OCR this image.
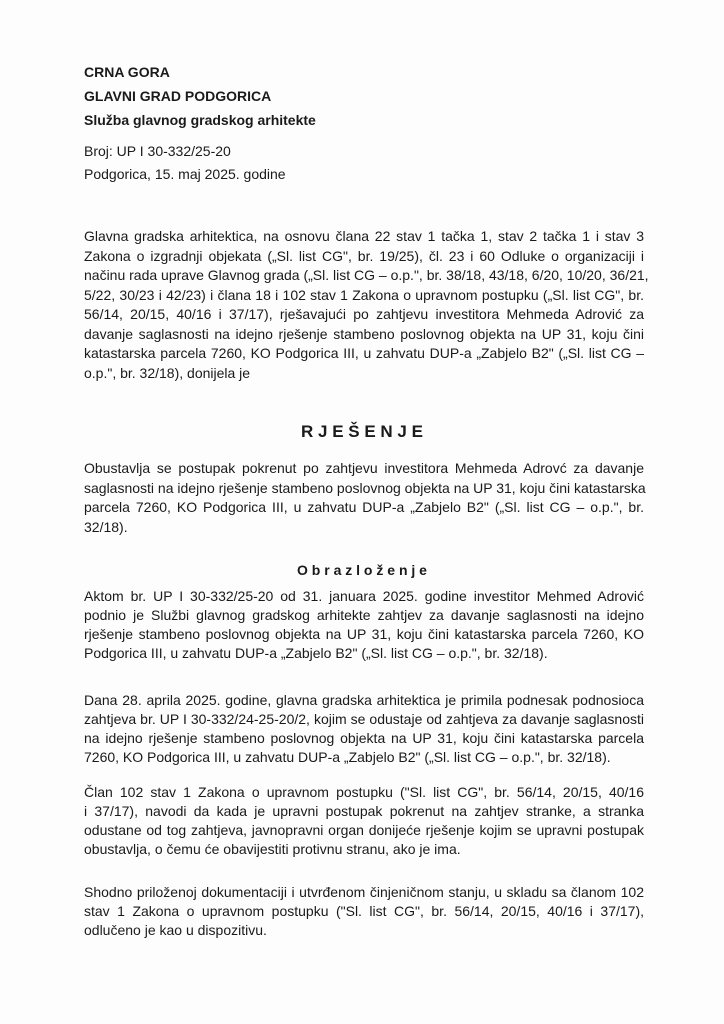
CRNA GORA
GLAVNI GRAD PODGORICA
Služba glavnog gradskog arhitekte
Broj: UP I 30-332/25-20
Podgorica, 15. maj 2025. godine
Glavna gradska arhitektica, na osnovu člana 22 stav 1 tačka 1, stav 2 tačka 1 i stav 3
Zakona o izgradnji objekata („Sl. list CG", br. 19/25), čl. 23 i 60 Odluke o organizaciji i
načinu rada uprave Glavnog grada („Sl. list CG – o.p.", br. 38/18, 43/18, 6/20, 10/20, 36/21,
5/22, 30/23 i 42/23) i člana 18 i 102 stav 1 Zakona o upravnom postupku („Sl. list CG", br.
56/14, 20/15, 40/16 i 37/17), rješavajući po zahtjevu investitora Mehmeda Adrović za
davanje saglasnosti na idejno rješenje stambeno poslovnog objekta na UP 31, koju čini
katastarska parcela 7260, KO Podgorica III, u zahvatu DUP-a „Zabjelo B2" („Sl. list CG –
o.p.", br. 32/18), donijela je
R J E Š E N J E
Obustavlja se postupak pokrenut po zahtjevu investitora Mehmeda Adrovć za davanje
saglasnosti na idejno rješenje stambeno poslovnog objekta na UP 31, koju čini katastarska
parcela 7260, KO Podgorica III, u zahvatu DUP-a „Zabjelo B2" („Sl. list CG – o.p.", br.
32/18).
O b r a z l o ž e n j e
Aktom br. UP I 30-332/25-20 od 31. januara 2025. godine investitor Mehmed Adrović
podnio je Službi glavnog gradskog arhitekte zahtjev za davanje saglasnosti na idejno
rješenje stambeno poslovnog objekta na UP 31, koju čini katastarska parcela 7260, KO
Podgorica III, u zahvatu DUP-a „Zabjelo B2" („Sl. list CG – o.p.", br. 32/18).
Dana 28. aprila 2025. godine, glavna gradska arhitektica je primila podnesak podnosioca
zahtjeva br. UP I 30-332/24-25-20/2, kojim se odustaje od zahtjeva za davanje saglasnosti
na idejno rješenje stambeno poslovnog objekta na UP 31, koju čini katastarska parcela
7260, KO Podgorica III, u zahvatu DUP-a „Zabjelo B2" („Sl. list CG – o.p.", br. 32/18).
Član 102 stav 1 Zakona o upravnom postupku ("Sl. list CG", br. 56/14, 20/15, 40/16
i 37/17), navodi da kada je upravni postupak pokrenut na zahtjev stranke, a stranka
odustane od tog zahtjeva, javnopravni organ donijeće rješenje kojim se upravni postupak
obustavlja, o čemu će obavijestiti protivnu stranu, ako je ima.
Shodno priloženoj dokumentaciji i utvrđenom činjeničnom stanju, u skladu sa članom 102
stav 1 Zakona o upravnom postupku ("Sl. list CG", br. 56/14, 20/15, 40/16 i 37/17),
odlučeno je kao u dispozitivu.
